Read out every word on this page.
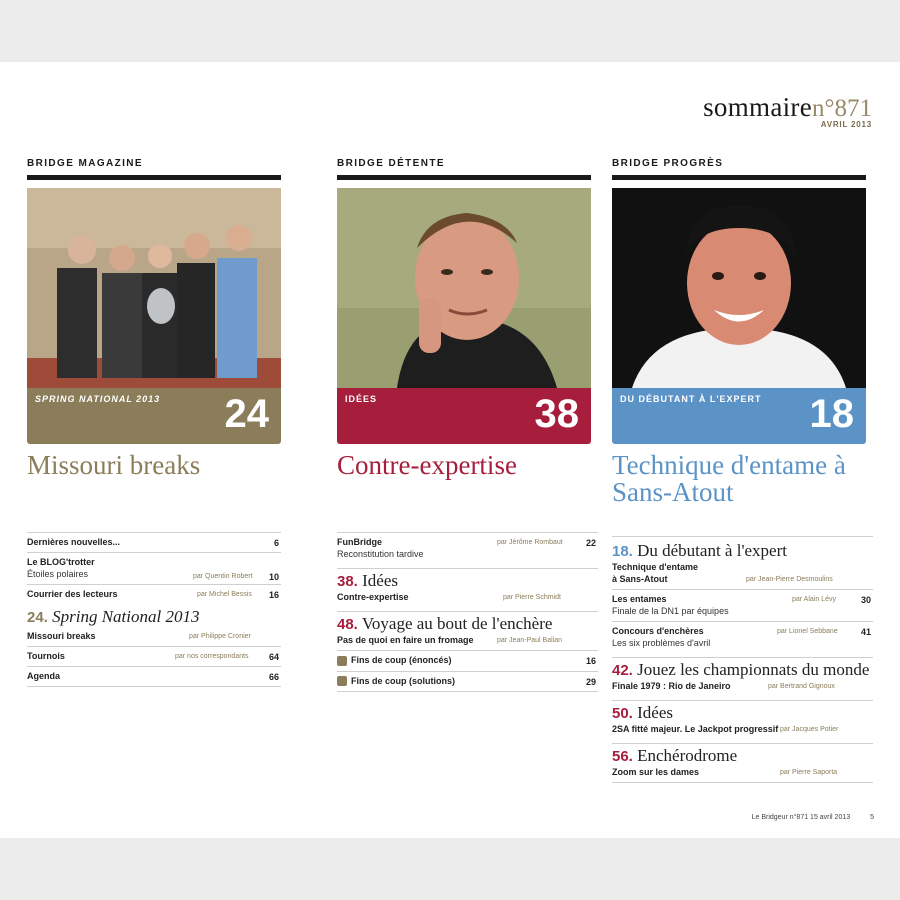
sommairen°871
AVRIL 2013
BRIDGE MAGAZINE
SPRING NATIONAL 2013 24
Missouri breaks
BRIDGE DÉTENTE
IDÉES	38
Contre-expertise
BRIDGE PROGRÈS
DU DÉBUTANT À L'EXPERT 18
Technique d'entame à Sans-Atout
Dernières nouvelles...	6
Le BLOG'trotter
Étoiles polaires	par Quentin Robert 10
Courrier des lecteurs	par Michel Bessis 16
24. Spring National 2013
Missouri breaks	par Philippe Cronier
Tournois	par nos correspondants 64
Agenda	66
FunBridge
Reconstitution tardive
par Jérôme Rombaut	22
38. Idées
Contre-expertise	par Pierre Schmidt
48. Voyage au bout de l'enchère
Pas de quoi en faire un fromage	par Jean-Paul Balian
Fins de coup (énoncés)	16
Fins de coup (solutions)	29
18. Du débutant à l'expert
Technique d'entame
à Sans-Atout	par Jean-Pierre Desmoulins
Les entames
Finale de la DN1 par équipes
par Alain Lévy	30
Concours d'enchères
Les six problèmes d'avril
par Lionel Sebbane	41
42. Jouez les championnats du monde
Finale 1979 : Rio de Janeiro	par Bertrand Gignoux
50. Idées
2SA fitté majeur. Le Jackpot progressif par Jacques Potier
56. Enchérodrome
Zoom sur les dames	par Pierre Saporta
Le Bridgeur n°871 15 avril 2013	5
